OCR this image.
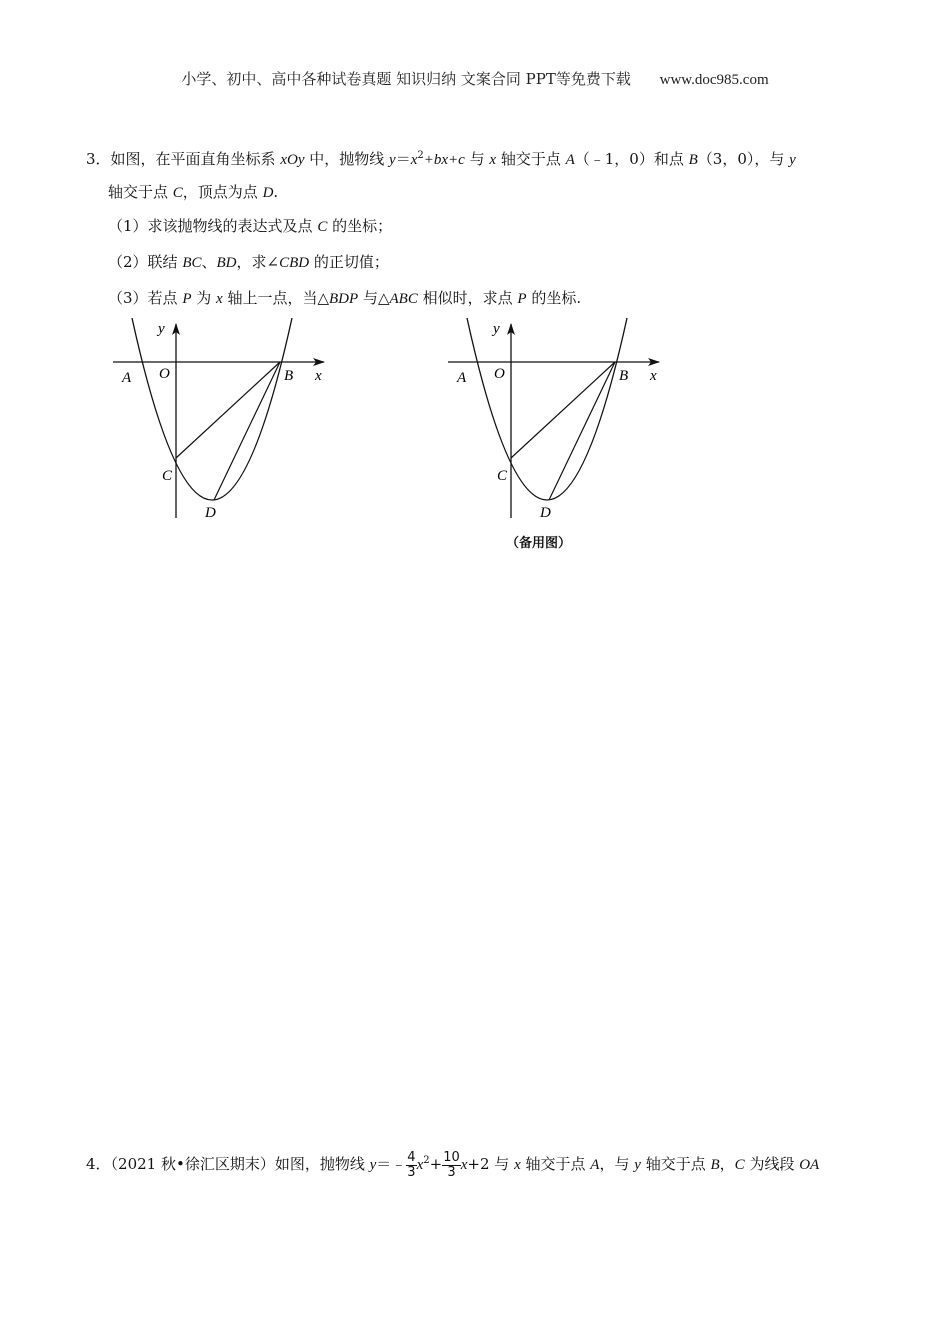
小学、初中、高中各种试卷真题 知识归纳 文案合同 PPT等免费下载 www.doc985.com
3．如图，在平面直角坐标系 xOy 中，抛物线 $y=x^2+bx+c$ 与 x 轴交于点 A（﹣1，0）和点 B（3，0），与 y
轴交于点 C，顶点为点 D.
（1）求该抛物线的表达式及点 C 的坐标；
（2）联结 BC、BD，求∠CBD 的正切值；
（3）若点 P 为 x 轴上一点，当△BDP 与△ABC 相似时，求点 P 的坐标.
y
x
A O	B
C
D
y
x
A O	B
C
D
（备用图）
4．（2021 秋•徐汇区期末）如图，抛物线 y＝﹣ $\frac{4}{3} x^2+ \frac{10}{3} x+2$ 与 x 轴交于点 A，与 y 轴交于点 B，C 为线段 OA
